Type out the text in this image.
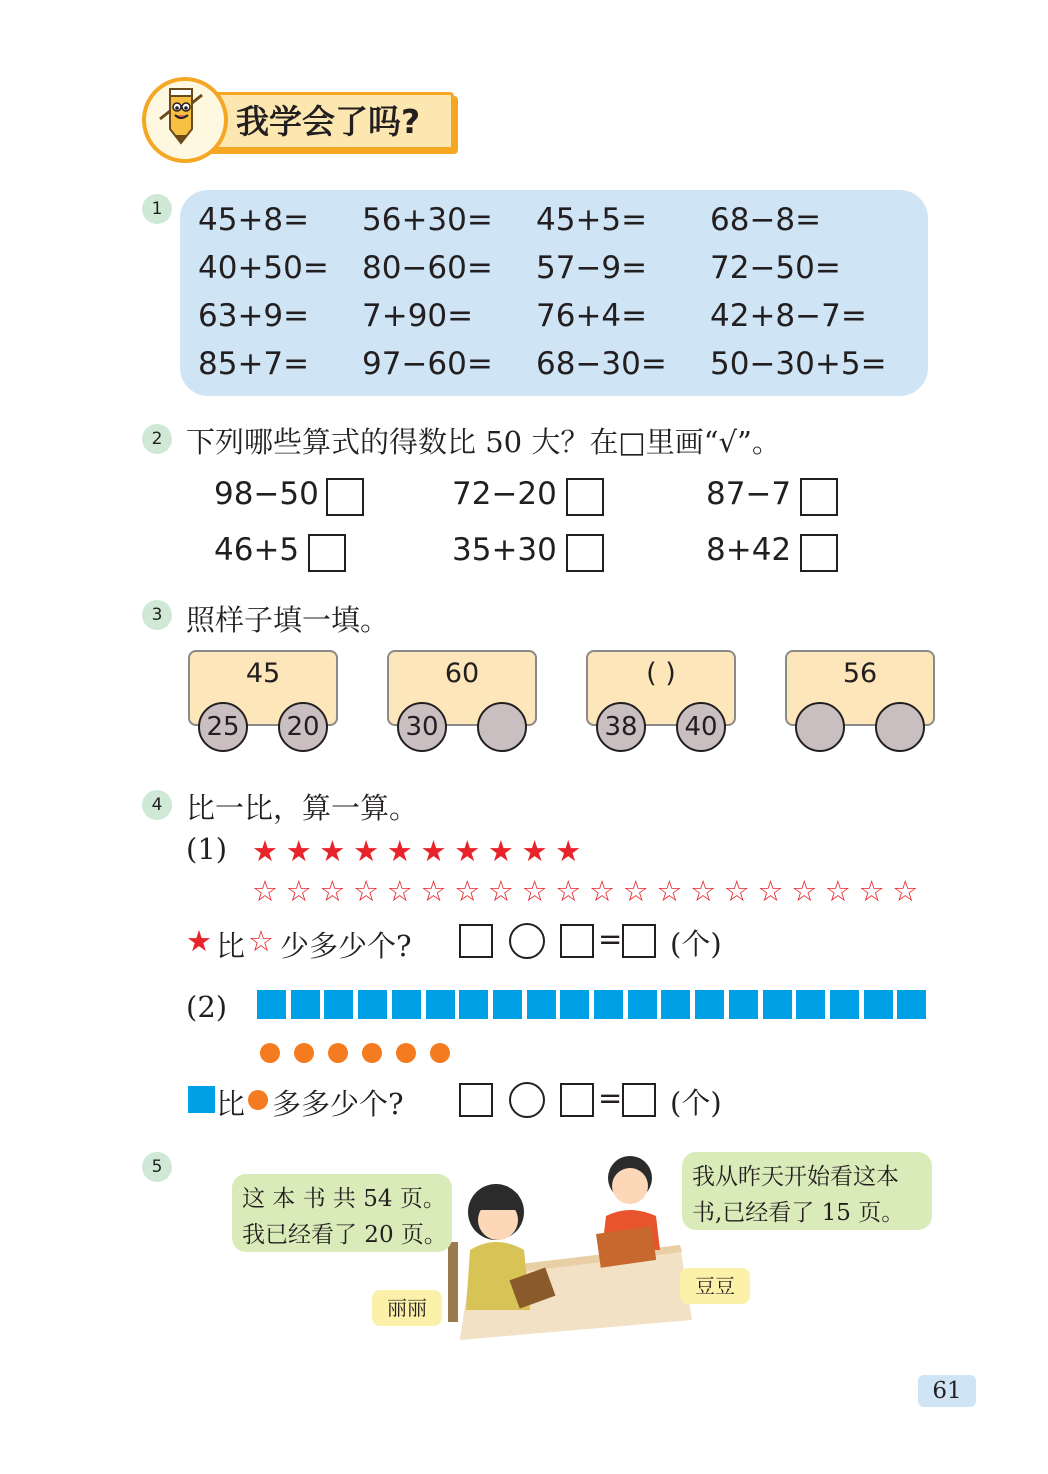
我学会了吗?
1	45+8= 56+30= 45+5= 68−8=
40+50= 80−60= 57−9= 72−50=
63+9= 7+90= 76+4= 42+8−7=
85+7= 97−60= 68−30= 50−30+5=
2 下列哪些算式的得数比 50 大？在□里画“√”。
98−50	72−20	87−7
46+5	35+30	8+42
3 照样子填一填。
45
25	20
60
30
( )
38	40
56
4 比一比，算一算。
(1) ★ ★ ★ ★ ★ ★ ★ ★ ★ ★
☆ ☆ ☆ ☆ ☆ ☆ ☆ ☆ ☆ ☆ ☆ ☆ ☆ ☆ ☆ ☆ ☆ ☆ ☆ ☆
★ 比 ☆ 少多少个?	= (个)
(2)
比 多多少个?	= (个)
5
这 本 书 共 54 页。
我已经看了 20 页。
我从昨天开始看这本
书,已经看了 15 页。
丽丽
豆豆
61
